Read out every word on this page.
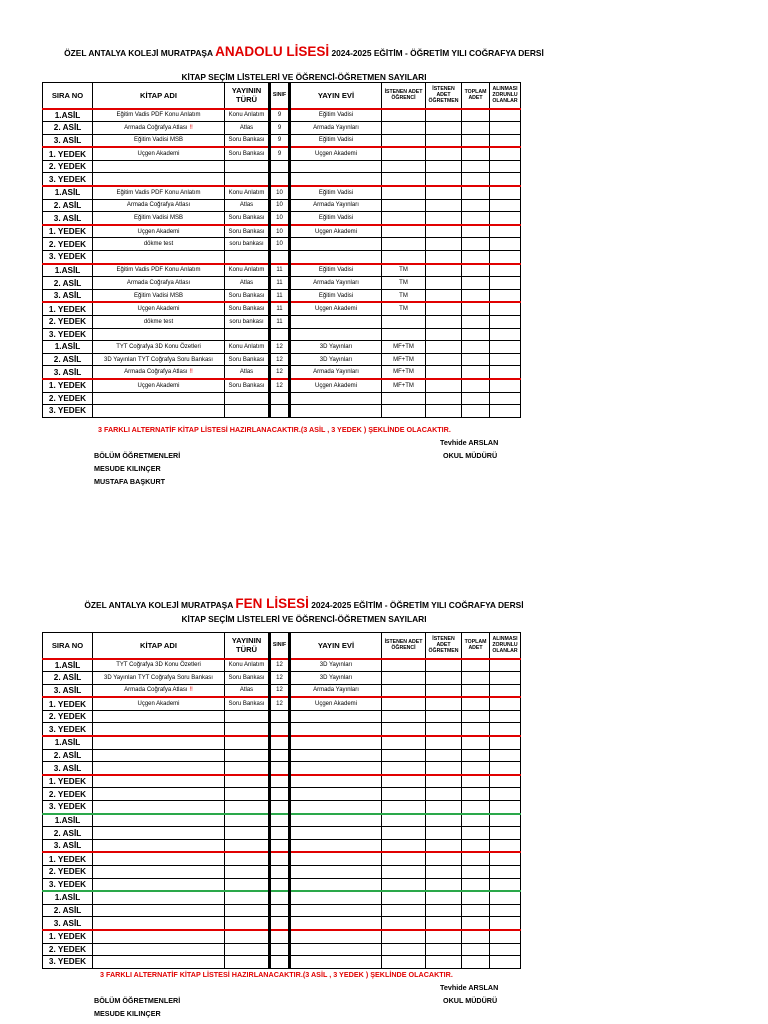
ÖZEL ANTALYA KOLEJİ MURATPAŞA ANADOLU LİSESİ 2024-2025 EĞİTİM - ÖĞRETİM YILI COĞRAFYA DERSİ
KİTAP SEÇİM LİSTELERİ VE ÖĞRENCİ-ÖĞRETMEN SAYILARI
SIRA NO	KİTAP ADI	YAYININ TÜRÜ	SINIF	YAYIN EVİ	İSTENEN ADET ÖĞRENCİ	İSTENEN ADET ÖĞRETMEN	TOPLAM ADET	ALINMASI ZORUNLU OLANLAR
1.ASİL	Eğitim Vadis PDF Konu Anlatım	Konu Anlatım	9	Eğitim Vadisi				
2. ASİL	Armada Coğrafya Atlası !!	Atlas	9	Armada Yayınları				
3. ASİL	Eğitim Vadisi MSB	Soru Bankası	9	Eğitim Vadisi				
1. YEDEK	Uçgen Akademi	Soru Bankası	9	Uçgen Akademi				
2. YEDEK								
3. YEDEK								
1.ASİL	Eğitim Vadis PDF Konu Anlatım	Konu Anlatım	10	Eğitim Vadisi				
2. ASİL	Armada Coğrafya Atlası	Atlas	10	Armada Yayınları				
3. ASİL	Eğitim Vadisi MSB	Soru Bankası	10	Eğitim Vadisi				
1. YEDEK	Uçgen Akademi	Soru Bankası	10	Uçgen Akademi				
2. YEDEK	dökme test	soru bankası	10					
3. YEDEK								
1.ASİL	Eğitim Vadis PDF Konu Anlatım	Konu Anlatım	11	Eğitim Vadisi	TM			
2. ASİL	Armada Coğrafya Atlası	Atlas	11	Armada Yayınları	TM			
3. ASİL	Eğitim Vadisi MSB	Soru Bankası	11	Eğitim Vadisi	TM			
1. YEDEK	Uçgen Akademi	Soru Bankası	11	Uçgen Akademi	TM			
2. YEDEK	dökme test	soru bankası	11					
3. YEDEK								
1.ASİL	TYT Coğrafya 3D Konu Özetleri	Konu Anlatım	12	3D Yayınları	MF+TM			
2. ASİL	3D Yayınları TYT Coğrafya Soru Bankası	Soru Bankası	12	3D Yayınları	MF+TM			
3. ASİL	Armada Coğrafya Atlası !!	Atlas	12	Armada Yayınları	MF+TM			
1. YEDEK	Uçgen Akademi	Soru Bankası	12	Uçgen Akademi	MF+TM			
2. YEDEK								
3. YEDEK								
3 FARKLI ALTERNATİF KİTAP LİSTESİ HAZIRLANACAKTIR.(3 ASİL , 3 YEDEK ) ŞEKLİNDE OLACAKTIR.
Tevhide ARSLAN
BÖLÜM ÖĞRETMENLERİ	OKUL MÜDÜRÜ
MESUDE KILINÇER
MUSTAFA BAŞKURT
ÖZEL ANTALYA KOLEJİ MURATPAŞA FEN LİSESİ 2024-2025 EĞİTİM - ÖĞRETİM YILI COĞRAFYA DERSİ
KİTAP SEÇİM LİSTELERİ VE ÖĞRENCİ-ÖĞRETMEN SAYILARI
SIRA NO	KİTAP ADI	YAYININ TÜRÜ	SINIF	YAYIN EVİ	İSTENEN ADET ÖĞRENCİ	İSTENEN ADET ÖĞRETMEN	TOPLAM ADET	ALINMASI ZORUNLU OLANLAR
1.ASİL	TYT Coğrafya 3D Konu Özetleri	Konu Anlatım	12	3D Yayınları				
2. ASİL	3D Yayınları TYT Coğrafya Soru Bankası	Soru Bankası	12	3D Yayınları				
3. ASİL	Armada Coğrafya Atlası !!	Atlas	12	Armada Yayınları				
1. YEDEK	Uçgen Akademi	Soru Bankası	12	Uçgen Akademi				
2. YEDEK								
3. YEDEK								
1.ASİL								
2. ASİL								
3. ASİL								
1. YEDEK								
2. YEDEK								
3. YEDEK								
1.ASİL								
2. ASİL								
3. ASİL								
1. YEDEK								
2. YEDEK								
3. YEDEK								
1.ASİL								
2. ASİL								
3. ASİL								
1. YEDEK								
2. YEDEK								
3. YEDEK								
3 FARKLI ALTERNATİF KİTAP LİSTESİ HAZIRLANACAKTIR.(3 ASİL , 3 YEDEK ) ŞEKLİNDE OLACAKTIR.
Tevhide ARSLAN
BÖLÜM ÖĞRETMENLERİ	OKUL MÜDÜRÜ
MESUDE KILINÇER
